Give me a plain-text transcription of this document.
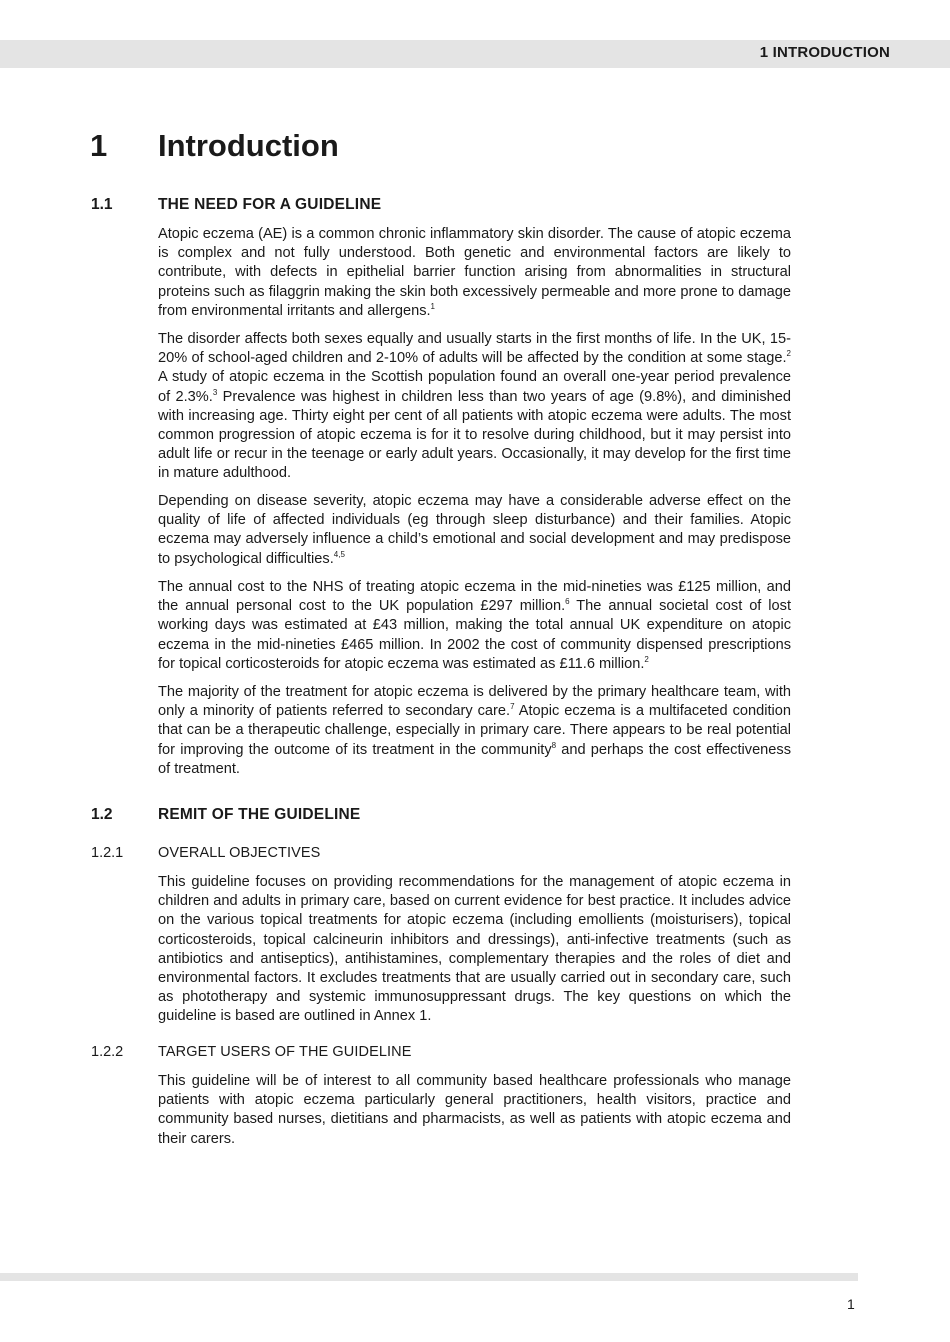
1 INTRODUCTION
1 Introduction
1.1	THE NEED FOR A GUIDELINE

Atopic eczema (AE) is a common chronic inflammatory skin disorder. The cause of atopic eczema is complex and not fully understood. Both genetic and environmental factors are likely to contribute, with defects in epithelial barrier function arising from abnormalities in structural proteins such as filaggrin making the skin both excessively permeable and more prone to damage from environmental irritants and allergens.$^1$

The disorder affects both sexes equally and usually starts in the first months of life. In the UK, 15-20% of school-aged children and 2-10% of adults will be affected by the condition at some stage.$^2$ A study of atopic eczema in the Scottish population found an overall one-year period prevalence of 2.3%.$^3$ Prevalence was highest in children less than two years of age (9.8%), and diminished with increasing age. Thirty eight per cent of all patients with atopic eczema were adults. The most common progression of atopic eczema is for it to resolve during childhood, but it may persist into adult life or recur in the teenage or early adult years. Occasionally, it may develop for the first time in mature adulthood.

Depending on disease severity, atopic eczema may have a considerable adverse effect on the quality of life of affected individuals (eg through sleep disturbance) and their families. Atopic eczema may adversely influence a child’s emotional and social development and may predispose to psychological difficulties.$^{4,5}$

The annual cost to the NHS of treating atopic eczema in the mid-nineties was £125 million, and the annual personal cost to the UK population £297 million.$^6$ The annual societal cost of lost working days was estimated at £43 million, making the total annual UK expenditure on atopic eczema in the mid-nineties £465 million. In 2002 the cost of community dispensed prescriptions for topical corticosteroids for atopic eczema was estimated as £11.6 million.$^2$

The majority of the treatment for atopic eczema is delivered by the primary healthcare team, with only a minority of patients referred to secondary care.$^7$ Atopic eczema is a multifaceted condition that can be a therapeutic challenge, especially in primary care. There appears to be real potential for improving the outcome of its treatment in the community$^8$ and perhaps the cost effectiveness of treatment.

1.2	REMIT OF THE GUIDELINE
1.2.1 OVERALL OBJECTIVES

This guideline focuses on providing recommendations for the management of atopic eczema in children and adults in primary care, based on current evidence for best practice. It includes advice on the various topical treatments for atopic eczema (including emollients (moisturisers), topical corticosteroids, topical calcineurin inhibitors and dressings), anti-infective treatments (such as antibiotics and antiseptics), antihistamines, complementary therapies and the roles of diet and environmental factors. It excludes treatments that are usually carried out in secondary care, such as phototherapy and systemic immunosuppressant drugs. The key questions on which the guideline is based are outlined in Annex 1.

1.2.2 TARGET USERS OF THE GUIDELINE

This guideline will be of interest to all community based healthcare professionals who manage patients with atopic eczema particularly general practitioners, health visitors, practice and community based nurses, dietitians and pharmacists, as well as patients with atopic eczema and their carers.

1
